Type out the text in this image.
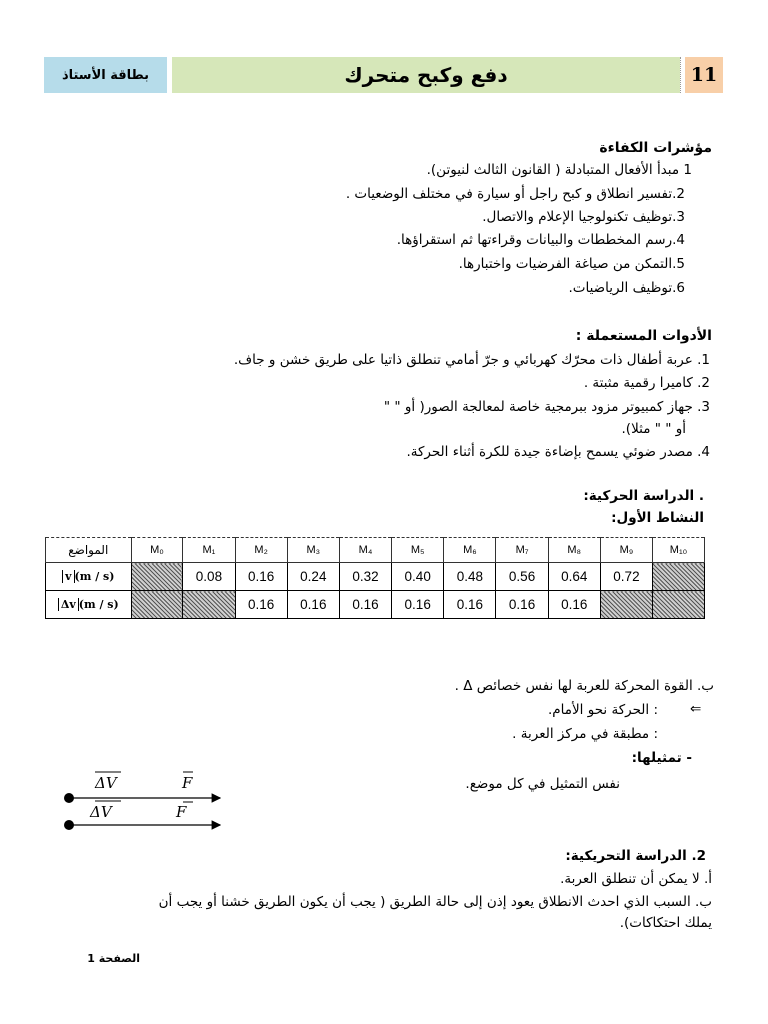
11
دفع وكبح متحرك
بطاقة الأستاذ
مؤشرات الكفاءة
1 مبدأ الأفعال المتبادلة ( القانون الثالث لنيوتن).
2.تفسير انطلاق و كبح راجل أو سيارة في مختلف الوضعيات .
3.توظيف تكنولوجيا الإعلام والاتصال.
4.رسم المخططات والبيانات وقراءتها ثم استقراؤها.
5.التمكن من صياغة الفرضيات واختبارها.
6.توظيف الرياضيات.
الأدوات المستعملة :
1. عربة أطفال ذات محرّك كهربائي و جرّ أمامي تنطلق ذاتيا على طريق خشن و جاف.
2. كاميرا رقمية مثبتة .
3. جهاز كمبيوتر مزود ببرمجية خاصة لمعالجة الصور( أو " "
أو " " مثلا).
4. مصدر ضوئي يسمح بإضاءة جيدة للكرة أثناء الحركة.
. الدراسة الحركية:
النشاط الأول:
المواضع	M₀	M₁	M₂	M₃	M₄	M₅	M₆	M₇	M₈	M₉	M₁₀
v (m / s)		0.08	0.16	0.24	0.32	0.40	0.48	0.56	0.64	0.72	
Δv (m / s)			0.16	0.16	0.16	0.16	0.16	0.16	0.16		
ب. القوة المحركة للعربة لها نفس خصائص Δ .
⇐
: الحركة نحو الأمام.
: مطبقة في مركز العربة .
- تمثيلها:
نفس التمثيل في كل موضع.
ΔV	F
ΔV	F
2. الدراسة التحريكية:
أ. لا يمكن أن تنطلق العربة.
ب. السبب الذي احدث الانطلاق يعود إذن إلى حالة الطريق ( يجب أن يكون الطريق خشنا أو يجب أن
يملك احتكاكات).
الصفحة 1
